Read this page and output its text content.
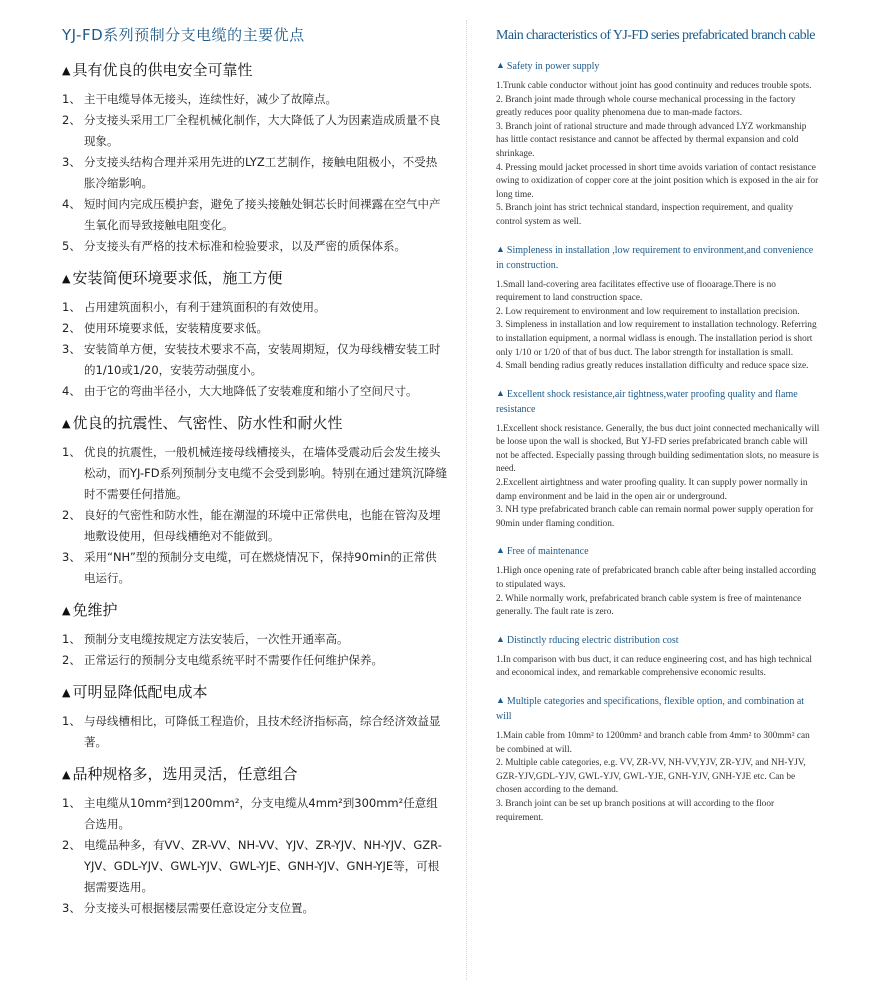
YJ-FD系列预制分支电缆的主要优点
▲ 具有优良的供电安全可靠性
1、 主干电缆导体无接头，连续性好，减少了故障点。
2、 分支接头采用工厂全程机械化制作，大大降低了人为因素造成质量不良现象。
3、 分支接头结构合理并采用先进的LYZ工艺制作，接触电阻极小，不受热胀冷缩影响。
4、 短时间内完成压模护套，避免了接头接触处铜芯长时间裸露在空气中产生氧化而导致接触电阻变化。
5、 分支接头有严格的技术标准和检验要求，以及严密的质保体系。
▲ 安装简便环境要求低，施工方便
1、 占用建筑面积小，有利于建筑面积的有效使用。
2、 使用环境要求低，安装精度要求低。
3、 安装简单方便，安装技术要求不高，安装周期短，仅为母线槽安装工时的1/10或1/20，安装劳动强度小。
4、 由于它的弯曲半径小，大大地降低了安装难度和缩小了空间尺寸。
▲ 优良的抗震性、气密性、防水性和耐火性
1、 优良的抗震性，一般机械连接母线槽接头，在墙体受震动后会发生接头松动，而YJ-FD系列预制分支电缆不会受到影响。特别在通过建筑沉降缝时不需要任何措施。
2、 良好的气密性和防水性，能在潮湿的环境中正常供电，也能在管沟及埋地敷设使用，但母线槽绝对不能做到。
3、 采用“NH”型的预制分支电缆，可在燃烧情况下，保持90min的正常供电运行。
▲ 免维护
1、 预制分支电缆按规定方法安装后，一次性开通率高。
2、 正常运行的预制分支电缆系统平时不需要作任何维护保养。
▲ 可明显降低配电成本
1、 与母线槽相比，可降低工程造价，且技术经济指标高，综合经济效益显著。
▲ 品种规格多，选用灵活，任意组合
1、 主电缆从10mm²到1200mm²，分支电缆从4mm²到300mm²任意组合选用。
2、 电缆品种多，有VV、ZR-VV、NH-VV、YJV、ZR-YJV、NH-YJV、GZR-YJV、GDL-YJV、GWL-YJV、GWL-YJE、GNH-YJV、GNH-YJE等，可根据需要选用。
3、 分支接头可根据楼层需要任意设定分支位置。
Main characteristics of YJ-FD series prefabricated branch cable
▲ Safety in power supply

1.Trunk cable conductor without joint has good continuity and reduces trouble spots.

2. Branch joint made through whole course mechanical processing in the factory greatly reduces poor quality phenomena due to man-made factors.

3. Branch joint of rational structure and made through advanced LYZ workmanship has little contact resistance and cannot be affected by thermal expansion and cold shrinkage.

4. Pressing mould jacket processed in short time avoids variation of contact resistance owing to oxidization of copper core at the joint position which is exposed in the air for long time.

5. Branch joint has strict technical standard, inspection requirement, and quality control system as well.

▲ Simpleness in installation ,low requirement to environment,and convenience in construction.

1.Small land-covering area facilitates effective use of flooarage.There is no requirement to land construction space.

2. Low requirement to environment and low requirement to installation precision.

3. Simpleness in installation and low requirement to installation technology. Referring to installation equipment, a normal widlass is enough. The installation period is short only 1/10 or 1/20 of that of bus duct. The labor strength for installation is small.

4. Small bending radius greatly reduces installation difficulty and reduce space size.

▲ Excellent shock resistance,air tightness,water proofing quality and flame resistance

1.Excellent shock resistance. Generally, the bus duct joint connected mechanically will be loose upon the wall is shocked, But YJ-FD series prefabricated branch cable will not be affected. Especially passing through building sedimentation slots, no measure is need.

2.Excellent airtightness and water proofing quality. It can supply power normally in damp environment and be laid in the open air or underground.

3. NH type prefabricated branch cable can remain normal power supply operation for 90min under flaming condition.

▲ Free of maintenance

1.High once opening rate of prefabricated branch cable after being installed according to stipulated ways.

2. While normally work, prefabricated branch cable system is free of maintenance generally. The fault rate is zero.

▲ Distinctly rducing electric distribution cost

1.In comparison with bus duct, it can reduce engineering cost, and has high technical and economical index, and remarkable comprehensive economic results.

▲ Multiple categories and specifications, flexible option, and combination at will

1.Main cable from 10mm² to 1200mm² and branch cable from 4mm² to 300mm² can be combined at will.

2. Multiple cable categories, e.g. VV, ZR-VV, NH-VV,YJV, ZR-YJV, and NH-YJV, GZR-YJV,GDL-YJV, GWL-YJV, GWL-YJE, GNH-YJV, GNH-YJE etc. Can be chosen according to the demand.

3. Branch joint can be set up branch positions at will according to the floor requirement.
